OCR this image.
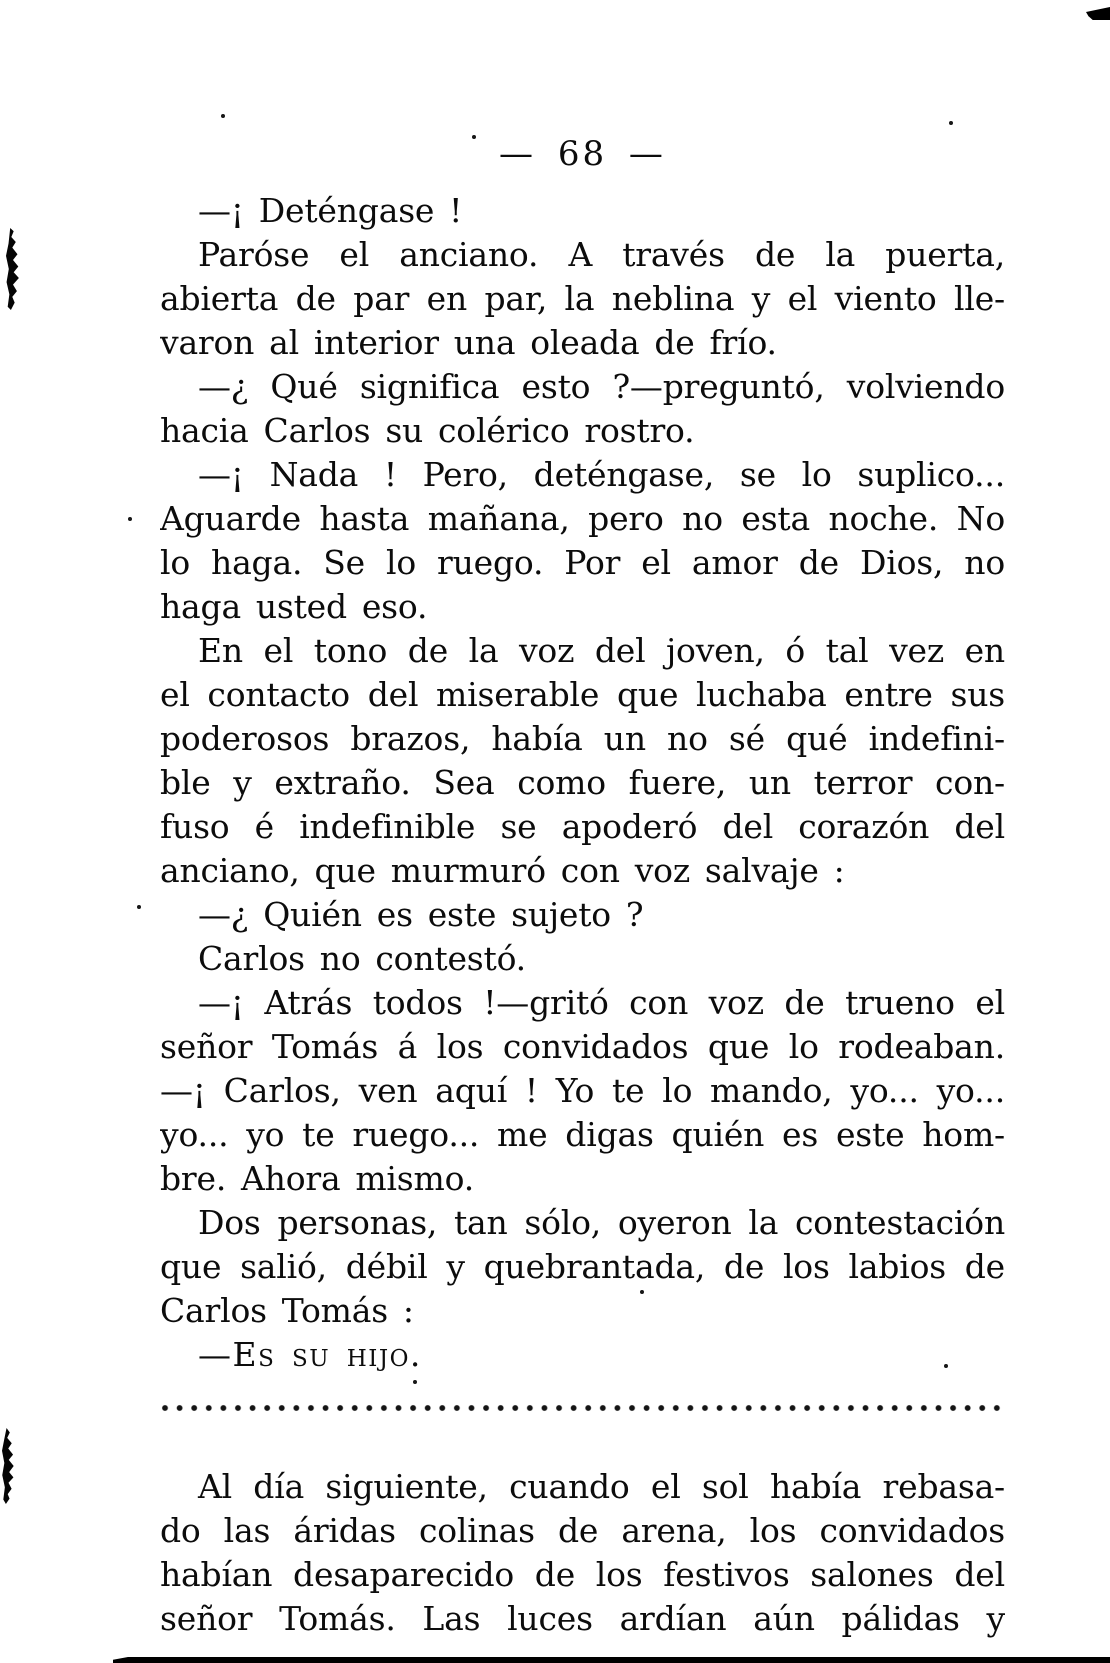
— 68 —
—¡ Deténgase !
Paróse el anciano. A través de la puerta,
abierta de par en par, la neblina y el viento lle-
varon al interior una oleada de frío.
—¿ Qué significa esto ?—preguntó, volviendo
hacia Carlos su colérico rostro.
—¡ Nada ! Pero, deténgase, se lo suplico...
Aguarde hasta mañana, pero no esta noche. No
lo haga. Se lo ruego. Por el amor de Dios, no
haga usted eso.
En el tono de la voz del joven, ó tal vez en
el contacto del miserable que luchaba entre sus
poderosos brazos, había un no sé qué indefini-
ble y extraño. Sea como fuere, un terror con-
fuso é indefinible se apoderó del corazón del
anciano, que murmuró con voz salvaje :
—¿ Quién es este sujeto ?
Carlos no contestó.
—¡ Atrás todos !—gritó con voz de trueno el
señor Tomás á los convidados que lo rodeaban.
—¡ Carlos, ven aquí ! Yo te lo mando, yo... yo...
yo... yo te ruego... me digas quién es este hom-
bre. Ahora mismo.
Dos personas, tan sólo, oyeron la contestación
que salió, débil y quebrantada, de los labios de
Carlos Tomás :
—Es su hijo.
Al día siguiente, cuando el sol había rebasa-
do las áridas colinas de arena, los convidados
habían desaparecido de los festivos salones del
señor Tomás. Las luces ardían aún pálidas y
